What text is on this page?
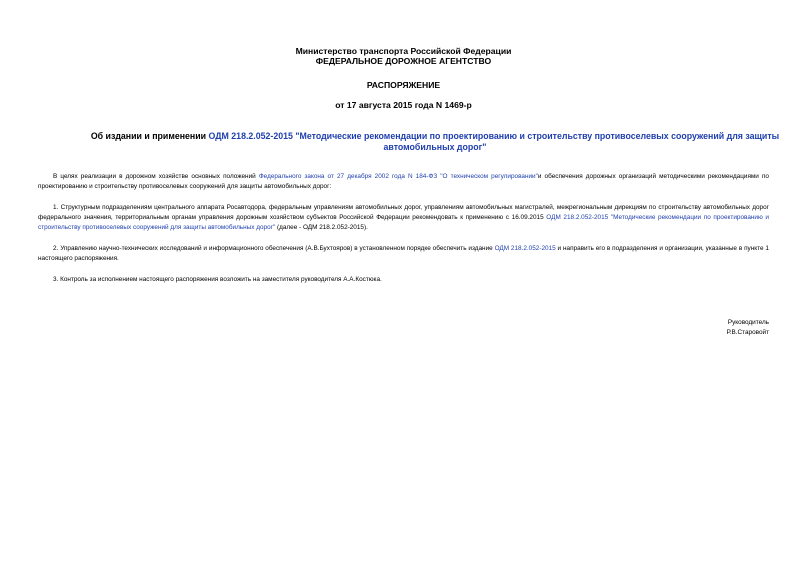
Министерство транспорта Российской Федерации
ФЕДЕРАЛЬНОЕ ДОРОЖНОЕ АГЕНТСТВО
РАСПОРЯЖЕНИЕ
от 17 августа 2015 года N 1469-р
Об издании и применении ОДМ 218.2.052-2015 "Методические рекомендации по проектированию и строительству противоселевых сооружений для защиты автомобильных дорог"
В целях реализации в дорожном хозяйстве основных положений Федерального закона от 27 декабря 2002 года N 184-ФЗ "О техническом регулировании"и обеспечения дорожных организаций методическими рекомендациями по проектированию и строительству противоселевых сооружений для защиты автомобильных дорог:
1. Структурным подразделениям центрального аппарата Росавтодора, федеральным управлениям автомобильных дорог, управлениям автомобильных магистралей, межрегиональным дирекциям по строительству автомобильных дорог федерального значения, территориальным органам управления дорожным хозяйством субъектов Российской Федерации рекомендовать к применению с 16.09.2015 ОДМ 218.2.052-2015 "Методические рекомендации по проектированию и строительству противоселевых сооружений для защиты автомобильных дорог" (далее - ОДМ 218.2.052-2015).
2. Управлению научно-технических исследований и информационного обеспечения (А.В.Бухтояров) в установленном порядке обеспечить издание ОДМ 218.2.052-2015 и направить его в подразделения и организации, указанные в пункте 1 настоящего распоряжения.
3. Контроль за исполнением настоящего распоряжения возложить на заместителя руководителя А.А.Костюка.
Руководитель
Р.В.Старовойт
